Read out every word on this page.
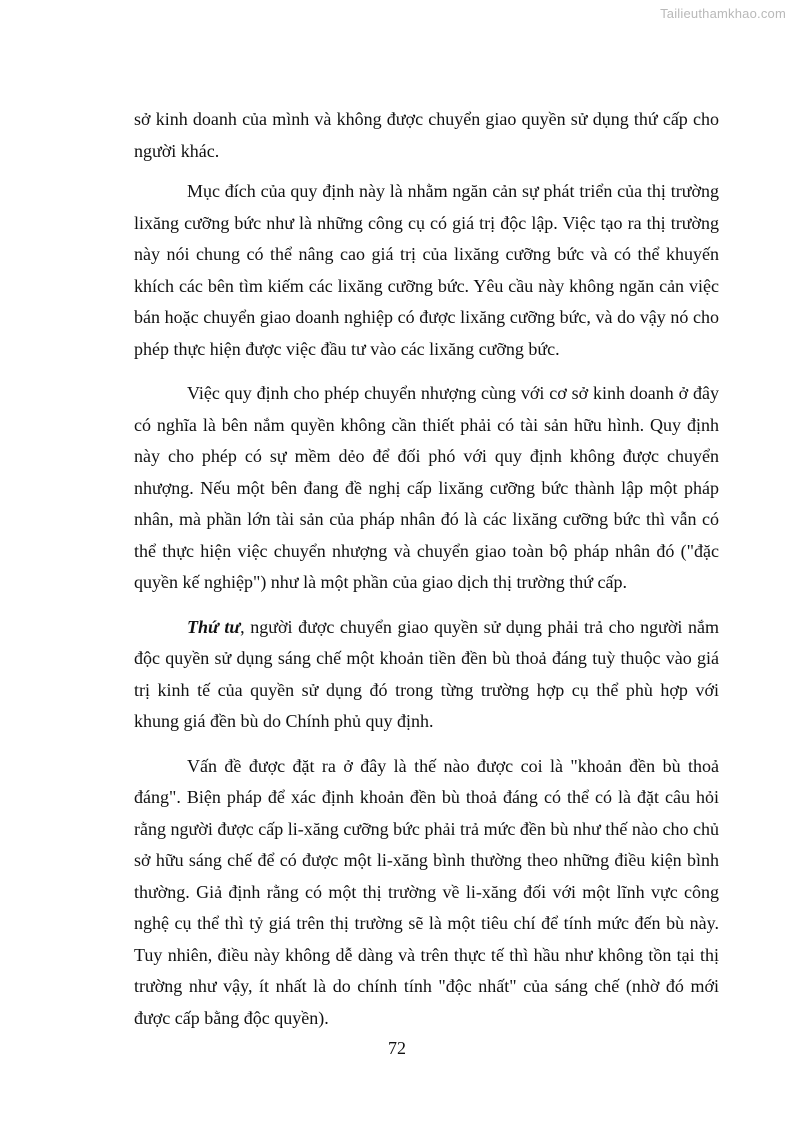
Tailieuthamkhao.com

sở kinh doanh của mình và không được chuyển giao quyền sử dụng thứ cấp cho người khác.

Mục đích của quy định này là nhằm ngăn cản sự phát triển của thị trường lixăng cưỡng bức như là những công cụ có giá trị độc lập. Việc tạo ra thị trường này nói chung có thể nâng cao giá trị của lixăng cưỡng bức và có thể khuyến khích các bên tìm kiếm các lixăng cưỡng bức. Yêu cầu này không ngăn cản việc bán hoặc chuyển giao doanh nghiệp có được lixăng cưỡng bức, và do vậy nó cho phép thực hiện được việc đầu tư vào các lixăng cưỡng bức.

Việc quy định cho phép chuyển nhượng cùng với cơ sở kinh doanh ở đây có nghĩa là bên nắm quyền không cần thiết phải có tài sản hữu hình. Quy định này cho phép có sự mềm dẻo để đối phó với quy định không được chuyển nhượng. Nếu một bên đang đề nghị cấp lixăng cưỡng bức thành lập một pháp nhân, mà phần lớn tài sản của pháp nhân đó là các lixăng cưỡng bức thì vẫn có thể thực hiện việc chuyển nhượng và chuyển giao toàn bộ pháp nhân đó ("đặc quyền kế nghiệp") như là một phần của giao dịch thị trường thứ cấp.

Thứ tư, người được chuyển giao quyền sử dụng phải trả cho người nắm độc quyền sử dụng sáng chế một khoản tiền đền bù thoả đáng tuỳ thuộc vào giá trị kinh tế của quyền sử dụng đó trong từng trường hợp cụ thể phù hợp với khung giá đền bù do Chính phủ quy định.

Vấn đề được đặt ra ở đây là thế nào được coi là "khoản đền bù thoả đáng". Biện pháp để xác định khoản đền bù thoả đáng có thể có là đặt câu hỏi rằng người được cấp li-xăng cưỡng bức phải trả mức đền bù như thế nào cho chủ sở hữu sáng chế để có được một li-xăng bình thường theo những điều kiện bình thường. Giả định rằng có một thị trường về li-xăng đối với một lĩnh vực công nghệ cụ thể thì tỷ giá trên thị trường sẽ là một tiêu chí để tính mức đến bù này. Tuy nhiên, điều này không dễ dàng và trên thực tế thì hầu như không tồn tại thị trường như vậy, ít nhất là do chính tính "độc nhất" của sáng chế (nhờ đó mới được cấp bằng độc quyền).

72
